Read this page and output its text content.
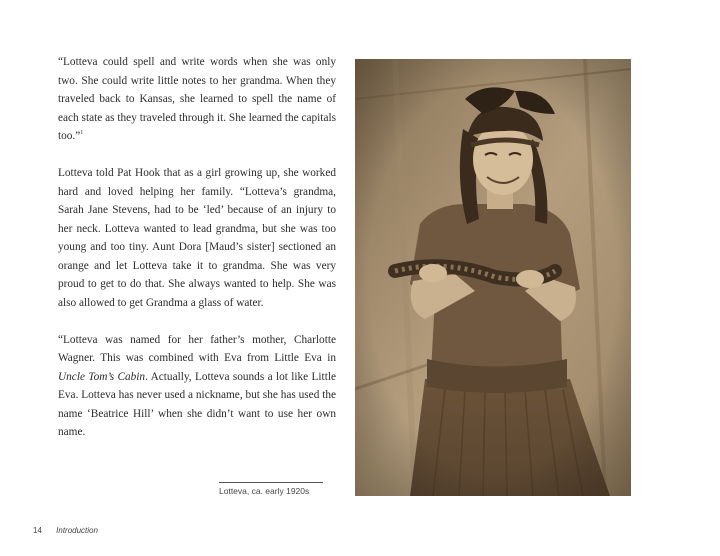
“Lotteva could spell and write words when she was only two. She could write little notes to her grandma. When they traveled back to Kansas, she learned to spell the name of each state as they traveled through it. She learned the capitals too.”$^1$

Lotteva told Pat Hook that as a girl growing up, she worked hard and loved helping her family. “Lotteva’s grandma, Sarah Jane Stevens, had to be ‘led’ because of an injury to her neck. Lotteva wanted to lead grandma, but she was too young and too tiny. Aunt Dora [Maud’s sister] sectioned an orange and let Lotteva take it to grandma. She was very proud to get to do that. She always wanted to help. She was also allowed to get Grandma a glass of water.

“Lotteva was named for her father’s mother, Charlotte Wagner. This was combined with Eva from Little Eva in Uncle Tom’s Cabin. Actually, Lotteva sounds a lot like Little Eva. Lotteva has never used a nickname, but she has used the name ‘Beatrice Hill’ when she didn’t want to use her own name.

Lotteva, ca. early 1920s
14 Introduction
